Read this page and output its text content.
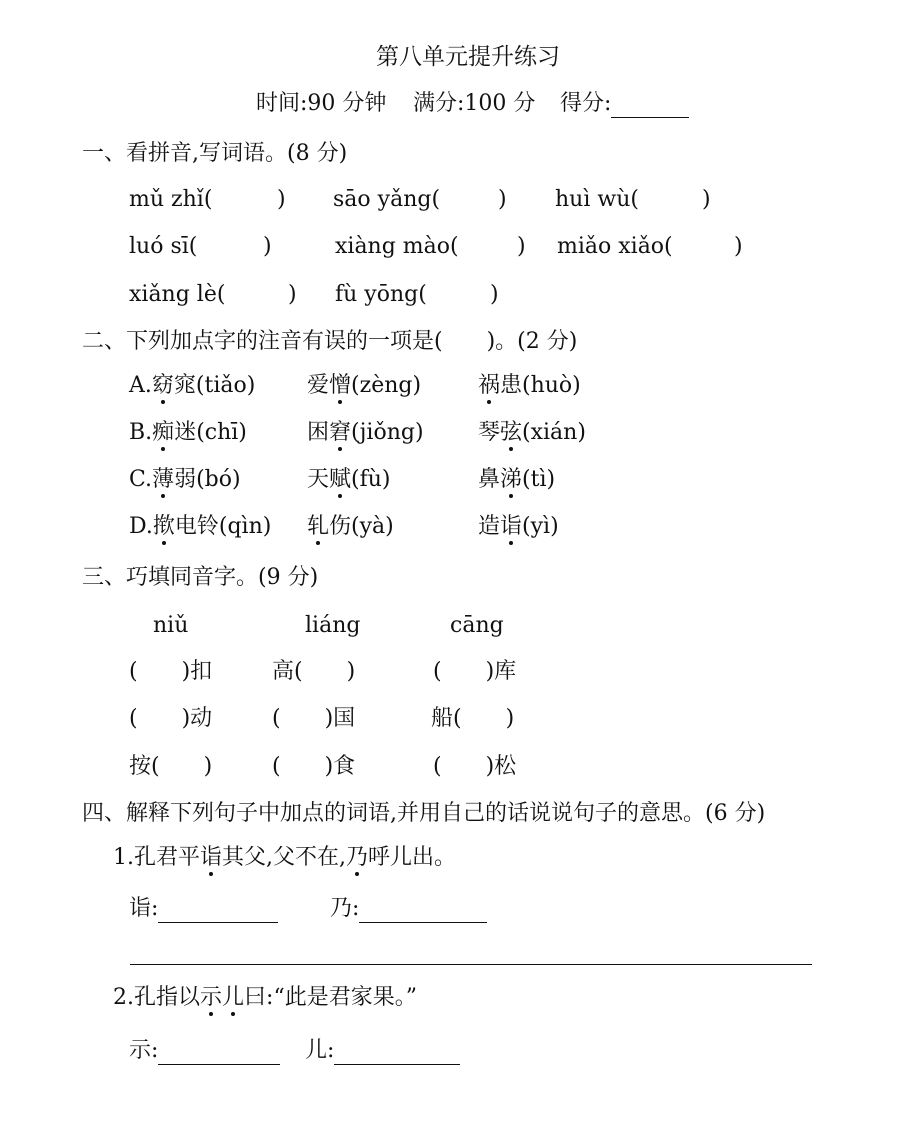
第八单元提升练习
时间:90 分钟 满分:100 分 得分:
一、看拼音,写词语。(8 分)
mǔ zhǐ(	) sāo yǎng(	) huì wù(	)
luó sī(	)	xiàng mào(	) miǎo xiǎo(	)
xiǎng lè(	) fù yōng(	)
二、下列加点字的注音有误的一项是(　　)。(2 分)
A.窈窕(tiǎo) 爱憎(zèng)	祸患(huò)
B.痴迷(chī)	困窘(jiǒng) 琴弦(xián)
C.薄弱(bó)	天赋(fù)	鼻涕(tì)
D.揿电铃(qìn) 轧伤(yà)	造诣(yì)
三、巧填同音字。(9 分)
niǔ	liáng	cāng
(　　)扣	高(　　)	(　　)库
(　　)动	(　　)国	船(　　)
按(　　)	(　　)食	(　　)松
四、解释下列句子中加点的词语,并用自己的话说说句子的意思。(6 分)
1.孔君平诣其父,父不在,乃呼儿出。
诣:	乃:
2.孔指以示儿曰:“此是君家果。”
示:	儿:
